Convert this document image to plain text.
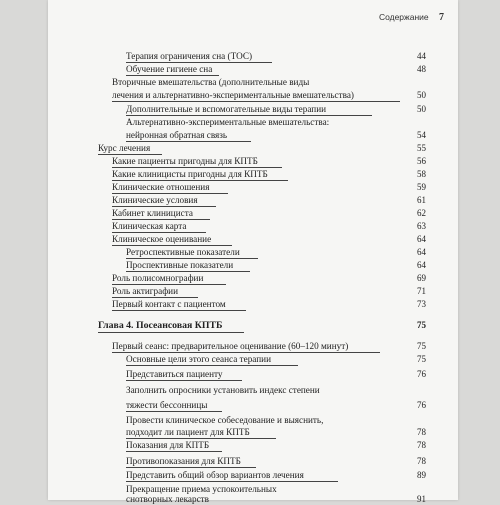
Содержание 7
Терапия ограничения сна (ТОС)	44
Обучение гигиене сна	48
Вторичные вмешательства (дополнительные виды
лечения и альтернативно-экспериментальные вмешательства)	50
Дополнительные и вспомогательные виды терапии	50
Альтернативно-экспериментальные вмешательства:
нейронная обратная связь	54
Курс лечения	55
Какие пациенты пригодны для КПТБ	56
Какие клиницисты пригодны для КПТБ	58
Клинические отношения	59
Клинические условия	61
Кабинет клинициста	62
Клиническая карта	63
Клиническое оценивание	64
Ретроспективные показатели	64
Проспективные показатели	64
Роль полисомнографии	69
Роль актиграфии	71
Первый контакт с пациентом	73
Глава 4. Посеансовая КПТБ	75
Первый сеанс: предварительное оценивание (60–120 минут)	75
Основные цели этого сеанса терапии	75
Представиться пациенту	76
Заполнить опросники установить индекс степени
тяжести бессонницы	76
Провести клиническое собеседование и выяснить,
подходит ли пациент для КПТБ	78
Показания для КПТБ	78
Противопоказания для КПТБ	78
Представить общий обзор вариантов лечения	89
Прекращение приема успокоительных
снотворных лекарств	91
